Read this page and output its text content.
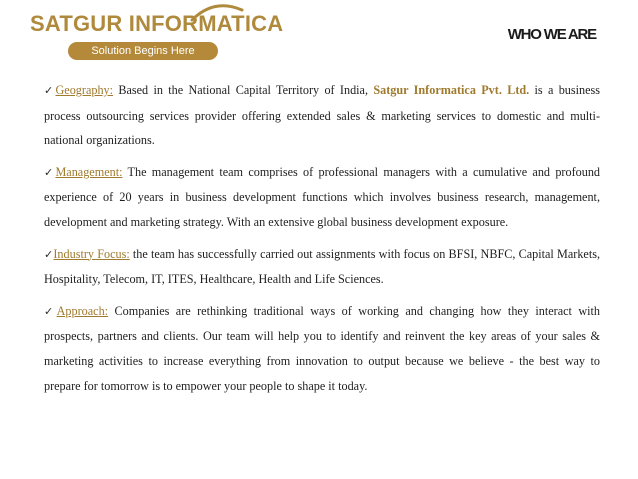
SATGUR INFORMATICA
Solution Begins Here
WHO WE ARE

✓Geography: Based in the National Capital Territory of India, Satgur Informatica Pvt. Ltd. is a business process outsourcing services provider offering extended sales & marketing services to domestic and multi-national organizations.

✓Management: The management team comprises of professional managers with a cumulative and profound experience of 20 years in business development functions which involves business research, management, development and marketing strategy. With an extensive global business development exposure.

✓Industry Focus: the team has successfully carried out assignments with focus on BFSI, NBFC, Capital Markets, Hospitality, Telecom, IT, ITES, Healthcare, Health and Life Sciences.

✓Approach: Companies are rethinking traditional ways of working and changing how they interact with prospects, partners and clients. Our team will help you to identify and reinvent the key areas of your sales & marketing activities to increase everything from innovation to output because we believe - the best way to prepare for tomorrow is to empower your people to shape it today.
